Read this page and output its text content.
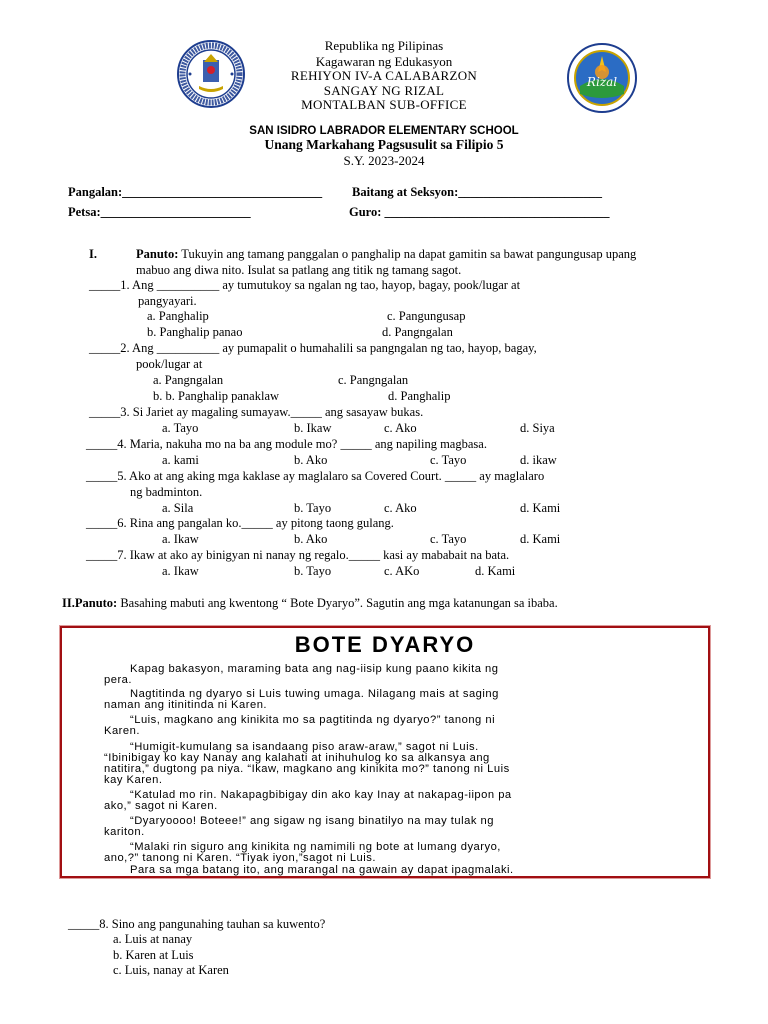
Rizal
Republika ng Pilipinas
Kagawaran ng Edukasyon
REHIYON IV-A CALABARZON
SANGAY NG RIZAL
MONTALBAN SUB-OFFICE
SAN ISIDRO LABRADOR ELEMENTARY SCHOOL
Unang Markahang Pagsusulit sa Filipio 5
S.Y. 2023-2024
Pangalan:________________________________ Baitang at Seksyon:_______________________
Petsa:________________________	Guro: ____________________________________
I.	Panuto: Tukuyin ang tamang panggalan o panghalip na dapat gamitin sa bawat pangungusap upang
mabuo ang diwa nito. Isulat sa patlang ang titik ng tamang sagot.
_____1. Ang __________ ay tumutukoy sa ngalan ng tao, hayop, bagay, pook/lugar at
pangyayari.
a. Panghalip	c. Pangungusap
b. Panghalip panao	d. Pangngalan
_____2. Ang __________ ay pumapalit o humahalili sa pangngalan ng tao, hayop, bagay,
pook/lugar at
a. Pangngalan	c. Pangngalan
b. b. Panghalip panaklaw	d. Panghalip
_____3. Si Jariet ay magaling sumayaw._____ ang sasayaw bukas.
a. Tayo	b. Ikaw	c. Ako	d. Siya
_____4. Maria, nakuha mo na ba ang module mo? _____ ang napiling magbasa.
a. kami	b. Ako	c. Tayo	d. ikaw
_____5. Ako at ang aking mga kaklase ay maglalaro sa Covered Court. _____ ay maglalaro
ng badminton.
a. Sila	b. Tayo	c. Ako	d. Kami
_____6. Rina ang pangalan ko._____ ay pitong taong gulang.
a. Ikaw	b. Ako	c. Tayo	d. Kami
_____7. Ikaw at ako ay binigyan ni nanay ng regalo._____ kasi ay mababait na bata.
a. Ikaw	b. Tayo	c. AKo	d. Kami
II.Panuto: Basahing mabuti ang kwentong “ Bote Dyaryo”. Sagutin ang mga katanungan sa ibaba.
BOTE DYARYO
Kapag bakasyon, maraming bata ang nag-iisip kung paano kikita ng
pera.
Nagtitinda ng dyaryo si Luis tuwing umaga. Nilagang mais at saging
naman ang itinitinda ni Karen.
“Luis, magkano ang kinikita mo sa pagtitinda ng dyaryo?” tanong ni
Karen.
“Humigit-kumulang sa isandaang piso araw-araw,” sagot ni Luis.
“Ibinibigay ko kay Nanay ang kalahati at inihuhulog ko sa alkansya ang
natitira,” dugtong pa niya. “Ikaw, magkano ang kinikita mo?” tanong ni Luis
kay Karen.
“Katulad mo rin. Nakapagbibigay din ako kay Inay at nakapag-iipon pa
ako,” sagot ni Karen.
“Dyaryoooo! Boteee!” ang sigaw ng isang binatilyo na may tulak ng
kariton.
“Malaki rin siguro ang kinikita ng namimili ng bote at lumang dyaryo,
ano,?” tanong ni Karen. “Tiyak iyon,”sagot ni Luis.
Para sa mga batang ito, ang marangal na gawain ay dapat ipagmalaki.
_____8. Sino ang pangunahing tauhan sa kuwento?
a. Luis at nanay
b. Karen at Luis
c. Luis, nanay at Karen
